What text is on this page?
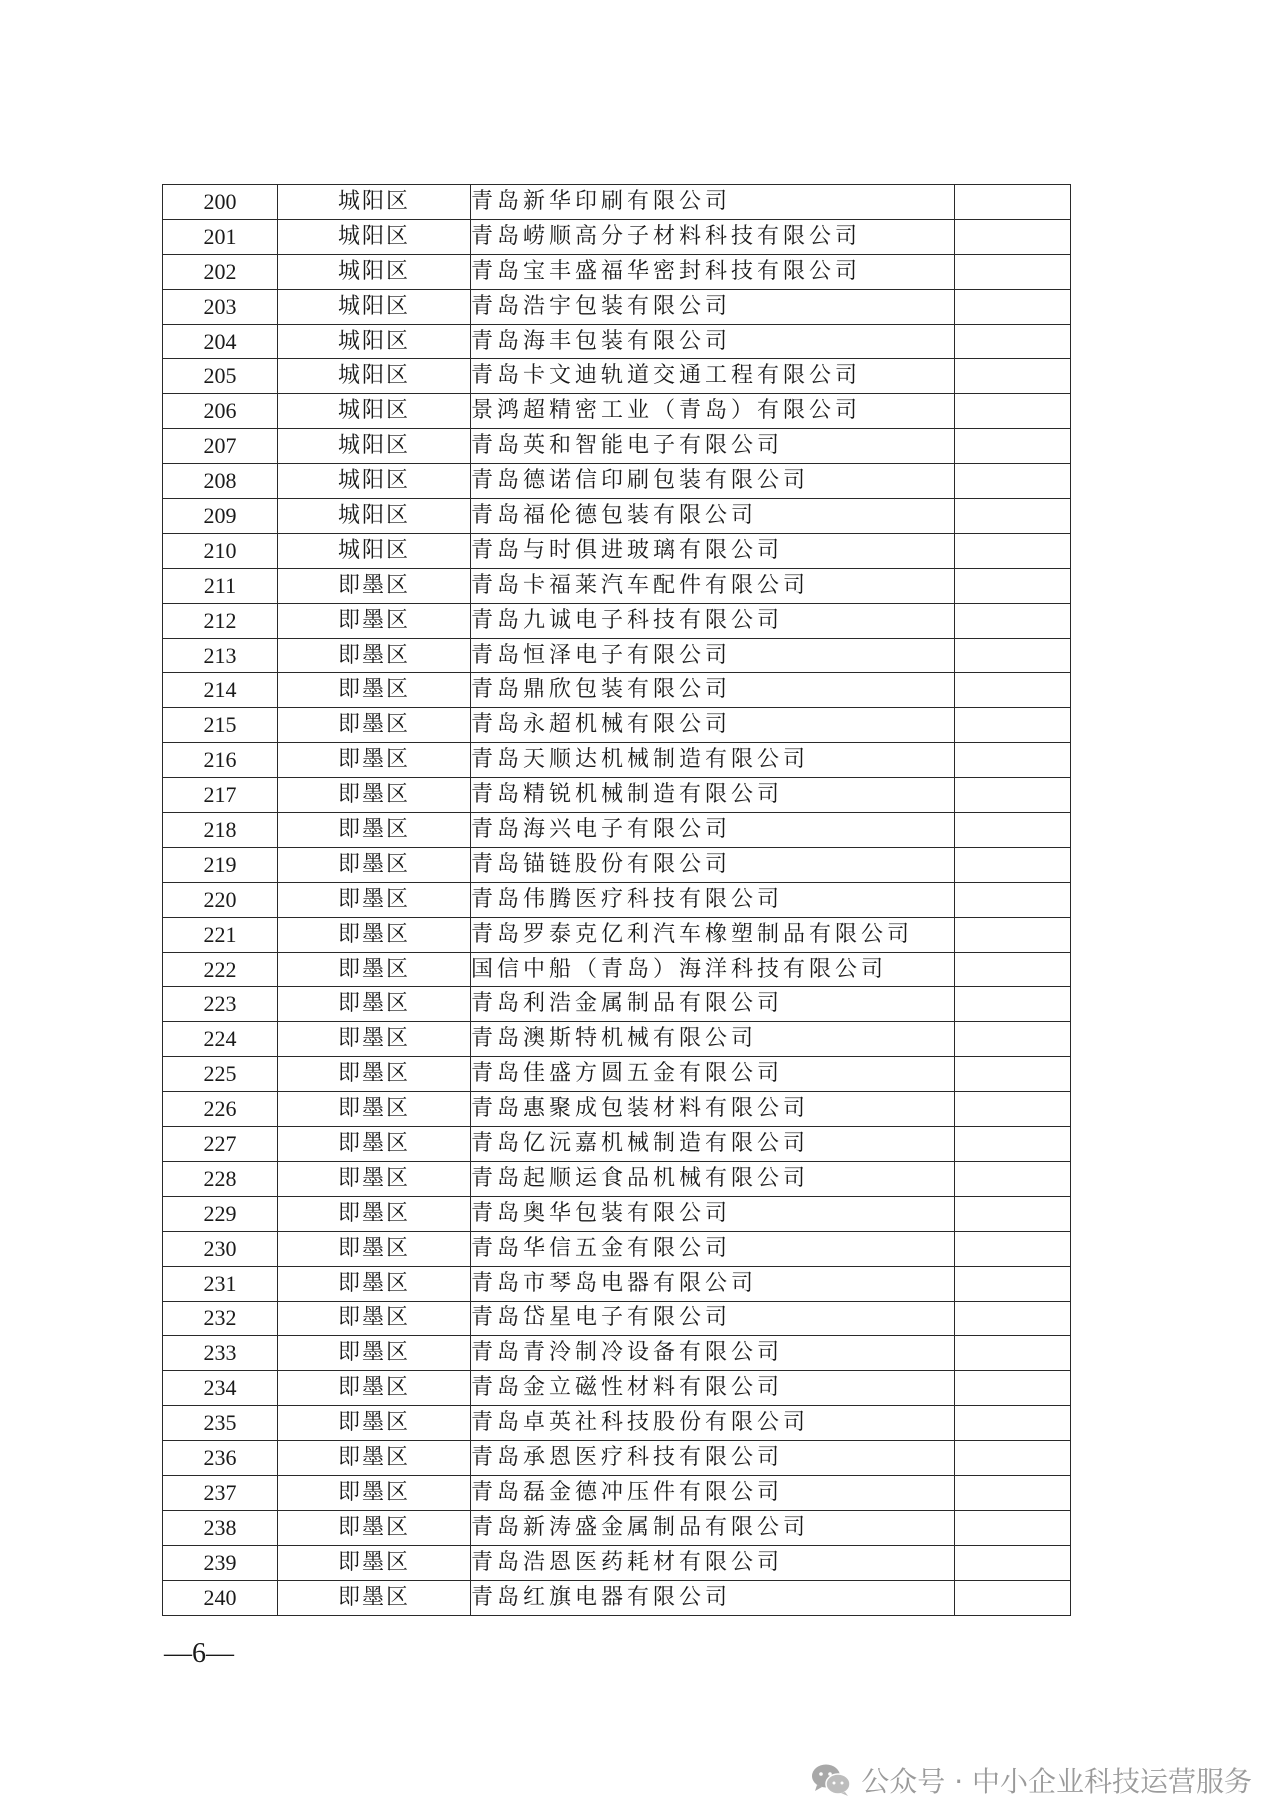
200	城阳区	青岛新华印刷有限公司	
201	城阳区	青岛崂顺高分子材料科技有限公司	
202	城阳区	青岛宝丰盛福华密封科技有限公司	
203	城阳区	青岛浩宇包装有限公司	
204	城阳区	青岛海丰包装有限公司	
205	城阳区	青岛卡文迪轨道交通工程有限公司	
206	城阳区	景鸿超精密工业（青岛）有限公司	
207	城阳区	青岛英和智能电子有限公司	
208	城阳区	青岛德诺信印刷包装有限公司	
209	城阳区	青岛福伦德包装有限公司	
210	城阳区	青岛与时俱进玻璃有限公司	
211	即墨区	青岛卡福莱汽车配件有限公司	
212	即墨区	青岛九诚电子科技有限公司	
213	即墨区	青岛恒泽电子有限公司	
214	即墨区	青岛鼎欣包装有限公司	
215	即墨区	青岛永超机械有限公司	
216	即墨区	青岛天顺达机械制造有限公司	
217	即墨区	青岛精锐机械制造有限公司	
218	即墨区	青岛海兴电子有限公司	
219	即墨区	青岛锚链股份有限公司	
220	即墨区	青岛伟腾医疗科技有限公司	
221	即墨区	青岛罗泰克亿利汽车橡塑制品有限公司	
222	即墨区	国信中船（青岛）海洋科技有限公司	
223	即墨区	青岛利浩金属制品有限公司	
224	即墨区	青岛澳斯特机械有限公司	
225	即墨区	青岛佳盛方圆五金有限公司	
226	即墨区	青岛惠聚成包装材料有限公司	
227	即墨区	青岛亿沅嘉机械制造有限公司	
228	即墨区	青岛起顺运食品机械有限公司	
229	即墨区	青岛奥华包装有限公司	
230	即墨区	青岛华信五金有限公司	
231	即墨区	青岛市琴岛电器有限公司	
232	即墨区	青岛岱星电子有限公司	
233	即墨区	青岛青泠制冷设备有限公司	
234	即墨区	青岛金立磁性材料有限公司	
235	即墨区	青岛卓英社科技股份有限公司	
236	即墨区	青岛承恩医疗科技有限公司	
237	即墨区	青岛磊金德冲压件有限公司	
238	即墨区	青岛新涛盛金属制品有限公司	
239	即墨区	青岛浩恩医药耗材有限公司	
240	即墨区	青岛红旗电器有限公司	
—6—
公众号 · 中小企业科技运营服务
